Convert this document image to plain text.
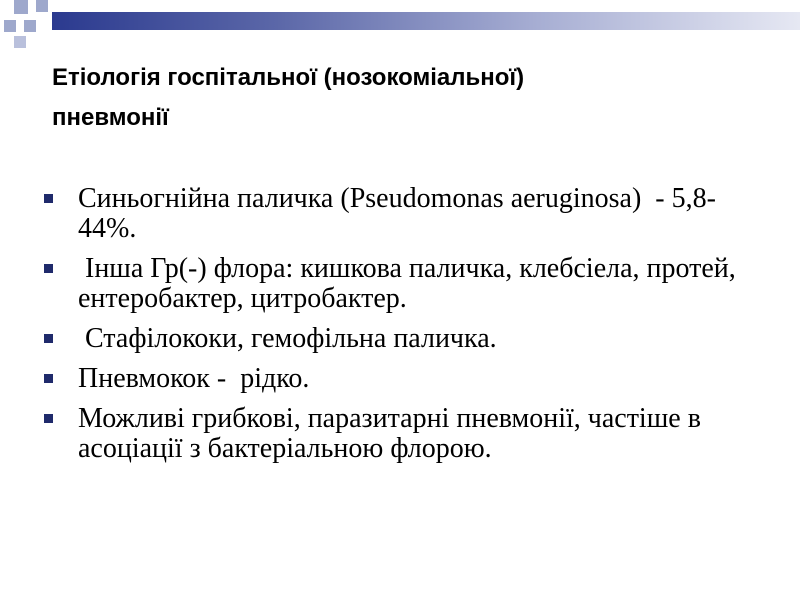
Етіологія госпітальної (нозокоміальної)
пневмонії
Синьогнійна паличка (Pseudomonas aeruginosa)  - 5,8-44%.
Інша Гр(-) флора: кишкова паличка, клебсіела, протей, ентеробактер, цитробактер.
Стафілококи, гемофільна паличка.
Пневмокок -  рідко.
Можливі грибкові, паразитарні пневмонії, частіше в асоціації з бактеріальною флорою.
